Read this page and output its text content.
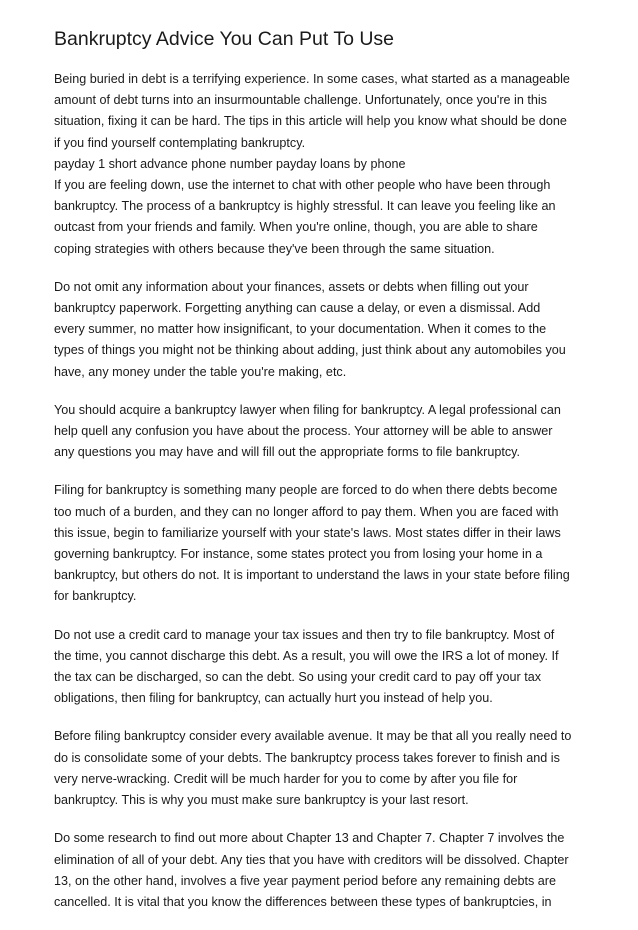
Bankruptcy Advice You Can Put To Use

Being buried in debt is a terrifying experience. In some cases, what started as a manageable
amount of debt turns into an insurmountable challenge. Unfortunately, once you're in this
situation, fixing it can be hard. The tips in this article will help you know what should be done
if you find yourself contemplating bankruptcy.
payday 1 short advance phone number payday loans by phone
If you are feeling down, use the internet to chat with other people who have been through
bankruptcy. The process of a bankruptcy is highly stressful. It can leave you feeling like an
outcast from your friends and family. When you're online, though, you are able to share
coping strategies with others because they've been through the same situation.

Do not omit any information about your finances, assets or debts when filling out your
bankruptcy paperwork. Forgetting anything can cause a delay, or even a dismissal. Add
every summer, no matter how insignificant, to your documentation. When it comes to the
types of things you might not be thinking about adding, just think about any automobiles you
have, any money under the table you're making, etc.

You should acquire a bankruptcy lawyer when filing for bankruptcy. A legal professional can
help quell any confusion you have about the process. Your attorney will be able to answer
any questions you may have and will fill out the appropriate forms to file bankruptcy.

Filing for bankruptcy is something many people are forced to do when there debts become
too much of a burden, and they can no longer afford to pay them. When you are faced with
this issue, begin to familiarize yourself with your state's laws. Most states differ in their laws
governing bankruptcy. For instance, some states protect you from losing your home in a
bankruptcy, but others do not. It is important to understand the laws in your state before filing
for bankruptcy.

Do not use a credit card to manage your tax issues and then try to file bankruptcy. Most of
the time, you cannot discharge this debt. As a result, you will owe the IRS a lot of money. If
the tax can be discharged, so can the debt. So using your credit card to pay off your tax
obligations, then filing for bankruptcy, can actually hurt you instead of help you.

Before filing bankruptcy consider every available avenue. It may be that all you really need to
do is consolidate some of your debts. The bankruptcy process takes forever to finish and is
very nerve-wracking. Credit will be much harder for you to come by after you file for
bankruptcy. This is why you must make sure bankruptcy is your last resort.

Do some research to find out more about Chapter 13 and Chapter 7. Chapter 7 involves the
elimination of all of your debt. Any ties that you have with creditors will be dissolved. Chapter
13, on the other hand, involves a five year payment period before any remaining debts are
cancelled. It is vital that you know the differences between these types of bankruptcies, in
